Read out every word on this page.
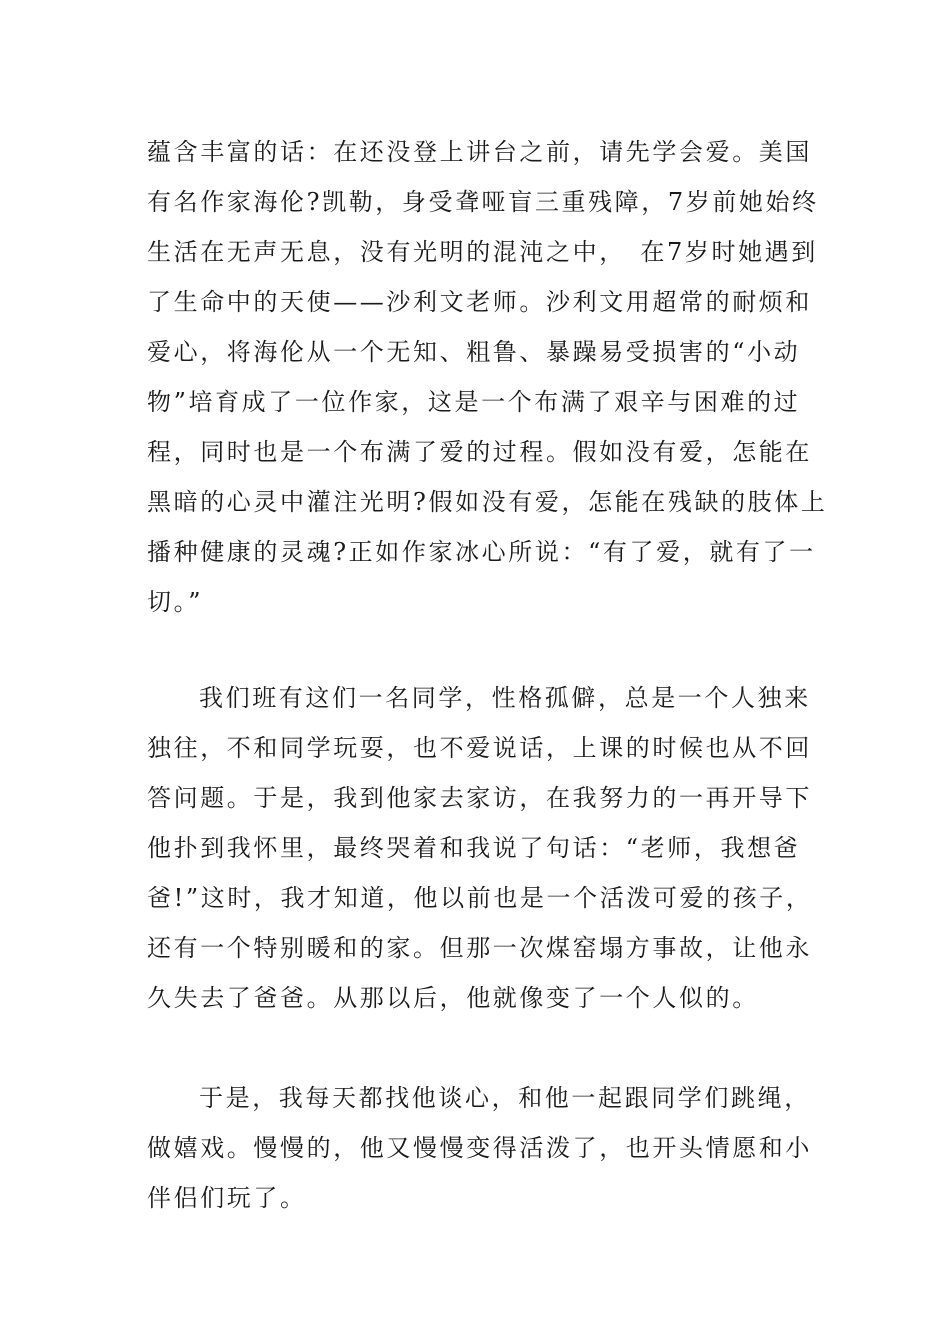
蕴含丰富的话：在还没登上讲台之前，请先学会爱。美国
有名作家海伦?凯勒，身受聋哑盲三重残障，7岁前她始终
生活在无声无息，没有光明的混沌之中，　在7岁时她遇到
了生命中的天使——沙利文老师。沙利文用超常的耐烦和
爱心，将海伦从一个无知、粗鲁、暴躁易受损害的“小动
物”培育成了一位作家，这是一个布满了艰辛与困难的过
程，同时也是一个布满了爱的过程。假如没有爱，怎能在
黑暗的心灵中灌注光明?假如没有爱，怎能在残缺的肢体上
播种健康的灵魂?正如作家冰心所说：“有了爱，就有了一
切。”
我们班有这们一名同学，性格孤僻，总是一个人独来
独往，不和同学玩耍，也不爱说话，上课的时候也从不回
答问题。于是，我到他家去家访，在我努力的一再开导下
他扑到我怀里，最终哭着和我说了句话：“老师，我想爸
爸!”这时，我才知道，他以前也是一个活泼可爱的孩子，
还有一个特别暖和的家。但那一次煤窑塌方事故，让他永
久失去了爸爸。从那以后，他就像变了一个人似的。
于是，我每天都找他谈心，和他一起跟同学们跳绳，
做嬉戏。慢慢的，他又慢慢变得活泼了，也开头情愿和小
伴侣们玩了。
